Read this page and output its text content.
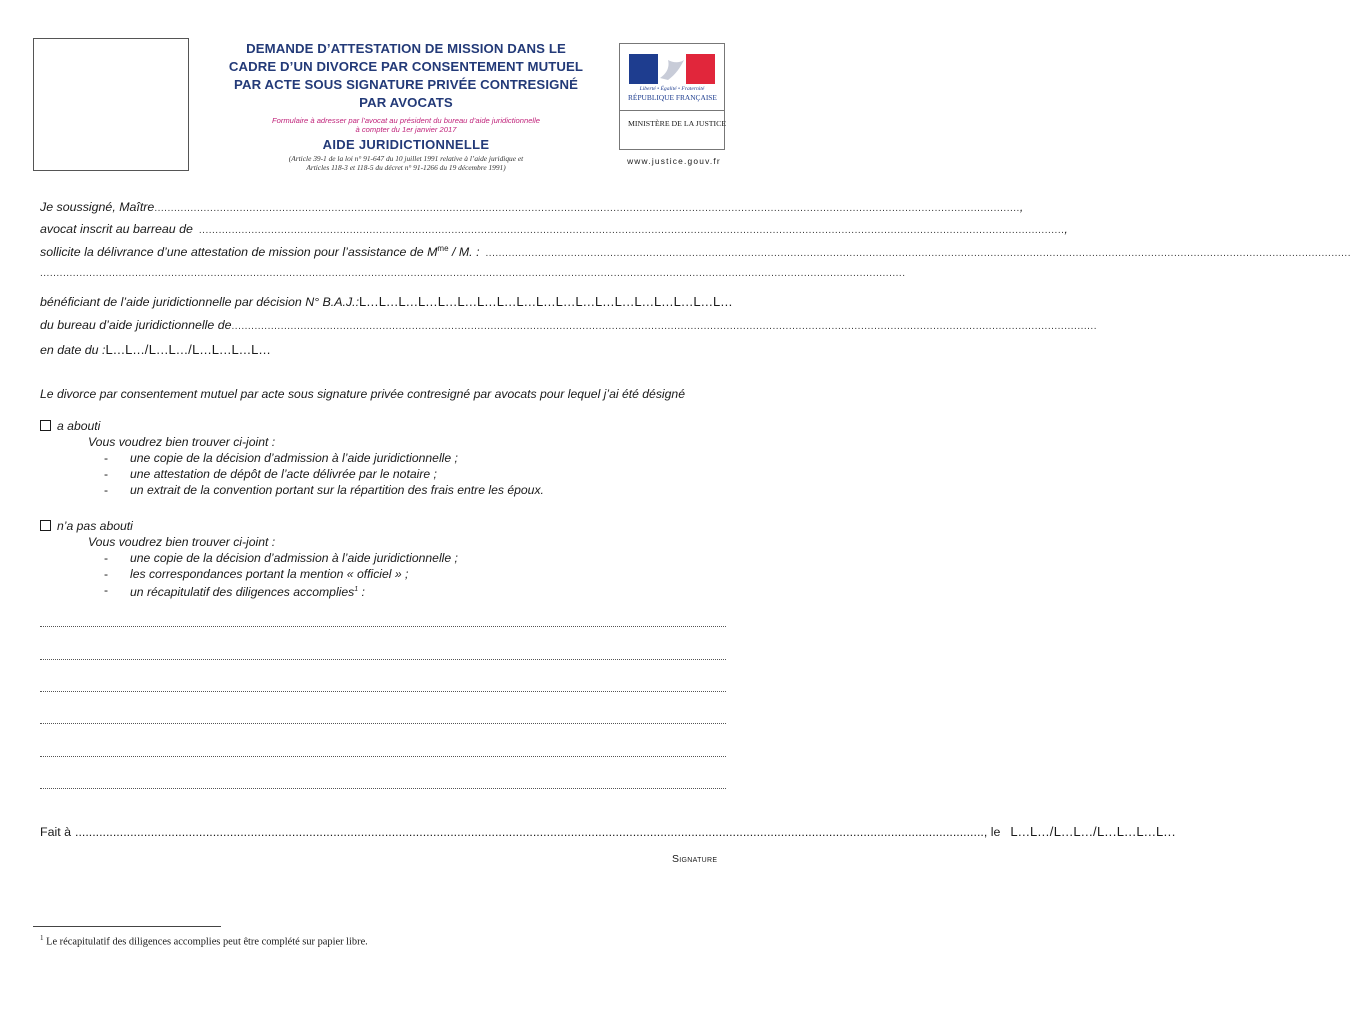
DEMANDE D’ATTESTATION DE MISSION DANS LE
CADRE D’UN DIVORCE PAR CONSENTEMENT MUTUEL
PAR ACTE SOUS SIGNATURE PRIVÉE CONTRESIGNÉ
PAR AVOCATS
Formulaire à adresser par l’avocat au président du bureau d’aide juridictionnelle
à compter du 1er janvier 2017
AIDE JURIDICTIONNELLE
(Article 39-1 de la loi n° 91-647 du 10 juillet 1991 relative à l’aide juridique et
Articles 118-3 et 118-5 du décret n° 91-1266 du 19 décembre 1991)
Liberté • Égalité • Fraternité
RÉPUBLIQUE FRANÇAISE
MINISTÈRE DE LA JUSTICE
www.justice.gouv.fr
Je soussigné, Maître .....	,
avocat inscrit au barreau de .....	,
sollicite la délivrance d’une attestation de mission pour l’assistance de $M^{me}$ / M. :
.....
.....
bénéficiant de l’aide juridictionnelle par décision N° B.A.J.: L...L...L...L...L...L...L...L...L...L...L...L...L...L...L...L...L...L...L...
du bureau d’aide juridictionnelle de
.....
en date du : L...L.../L...L.../L...L...L...L...
Le divorce par consentement mutuel par acte sous signature privée contresigné par avocats pour lequel j’ai été désigné
a abouti
Vous voudrez bien trouver ci-joint :
- une copie de la décision d’admission à l’aide juridictionnelle ;
- une attestation de dépôt de l’acte délivrée par le notaire ;
- un extrait de la convention portant sur la répartition des frais entre les époux.
n’a pas abouti
Vous voudrez bien trouver ci-joint :
- une copie de la décision d’admission à l’aide juridictionnelle ;
- les correspondances portant la mention « officiel » ;
- un récapitulatif des diligences accomplies$^1$ :
Fait à .....	, le L...L.../L...L.../L...L...L...L...
Signature
$^1$ Le récapitulatif des diligences accomplies peut être complété sur papier libre.
